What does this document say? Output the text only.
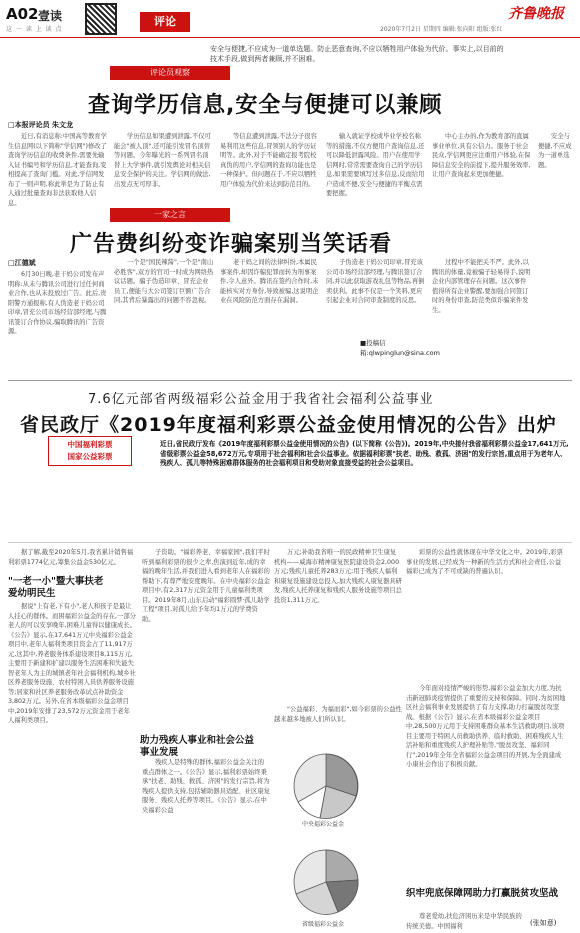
A02 壹读
这 一 读 上 读 点
评论	齐鲁晚报
2020年7月2日 星期四 编辑:张向阳 组版:张红
安全与便捷,不应成为一道单选题。防止恶意查询,不应以牺牲用户体验为代价。事实上,以目前的技术手段,做到两者兼顾,并不困难。
评论员观察
查询学历信息,安全与便捷可以兼顾
□本报评论员 朱文龙
近日,有消息称:中国高等教育学生信息网(以下简称"学信网")修改了查询学历信息的收费条件,需要先输入证书编号和学历信息,才能查询,变相提高了查询门槛。对此,学信网发布了一则声明,称此举是为了防止有人通过批量查询非法获取他人信息。
学历信息如果遭到泄露,不仅可能会"被人顶",还可能引发冒名顶替等问题。今年曝光的一系列冒名顶替上大学事件,就引发舆论对相关信息安全保护的关注。学信网的做法,出发点无可厚非。
等信息遭到泄露,不法分子很容易利用这些信息,冒领别人的学历证明等。此外,对于不能确定报考院校真伪的用户,学信网的查询功能也是一种保护。但问题在于,不应以牺牲用户体验为代价来达到防范目的。
输入就证学校或毕业学校名称等的措施,不仅方便用户查询信息,还可以降低泄露风险。用户在使用学信网时,常常需要查询自己的学历信息,如果需要填写过多信息,反而给用户造成不便,安全与便捷的平衡点需要把握。
中心主办的,作为教育部的直属事业单位,具有公信力。服务于社会民众,学信网更应注重用户体验,在保障信息安全的前提下,提升服务效率,让用户查询起来更加便捷。
安全与便捷,不应成为一道单选题。
一家之言
广告费纠纷变诈骗案别当笑话看
□江德斌
6月30日晚,老干妈公司发布声明称:从未与腾讯公司进行过任何商业合作,也从未投放过广告。此后,贵阳警方通报称,有人伪造老干妈公司印章,冒充公司市场经营部经理,与腾讯签订合作协议,骗取腾讯的广告资源。
一个是"国民辣酱",一个是"南山必胜客",双方的官司一时成为网络热议话题。骗子伪造印章、冒充企业员工,便能与大公司签订巨额广告合同,其背后暴露出的问题不容忽视。
老干妈之间的法律纠纷,本属民事案件,却因诈骗犯罪而转为刑事案件,令人意外。腾讯在签约合作时,未能核实对方身份,导致被骗,这说明企业在风险防范方面存在漏洞。
子伪造老干妈公司印章,冒充该公司市场经营部经理,与腾讯签订合同,并以此获取游戏礼包等物品,再倒卖获利。此事不仅是一个笑料,更应引起企业对合同审查制度的反思。
过程中不能把关不严。此外,以腾讯的体量,竟被骗子轻易得手,说明企业内部管理存在问题。这次事件值得所有企业警醒,要加强合同签订时的身份审查,防范类似诈骗案件发生。
■投稿信箱:qlwpinglun@sina.com
7.6亿元部省两级福彩公益金用于我省社会福利公益事业
省民政厅《2019年度福利彩票公益金使用情况的公告》出炉
中国福利彩票
国家公益彩票
近日,省民政厅发布《2019年度福利彩票公益金使用情况的公告》(以下简称《公告》)。2019年,中央接付我省福利彩票公益金17,641万元,省级彩票公益金58,672万元,专项用于社会福利和社会公益事业。依据福利彩票"扶老、助残、救孤、济困"的发行宗旨,重点用于为老年人、残疾人、孤儿等特殊困难群体服务的社会福利项目和受助对象直接受益的社会公益项目。
据了解,截至2020年5月,我省累计销售福利彩票1774亿元,筹集公益金530亿元。
"一老一小"暨大事扶老爱幼明民生
据说"上有老,下有小",老人和孩子是最让人挂心的群体。而困福彩公益金的存在,一部分老人的可以安享晚年,困难儿童得以健康成长。《公告》显示,在17,641万元中央福彩公益金项目中,老年人福利类项目资金占了11,917万元,这其中,养老服务体系建设项目8,115万元,主要用于新建和扩建以服务生活困难和失能失智老年人为主的城镇老年社会福利机构,城乡社区养老服务设施、农村特困人员供养服务设施等;居家和社区养老服务改革试点补助资金3,802万元。另外,在省本级福彩公益金项目中,2019年安排了23,572万元资金用于老年人福利类项目。
子资助。"福彩养老、幸福家园",我们平时听到福利彩票的很少之辈,焦演到近年,成的幸福的晚年生活,并我们进入看到老年人在福彩的帮助下,有尊严地安度晚年。在中央福彩公益金项目中,有2,317万元资金用于儿童福利类项目。2019年8月,山东启动"福彩圆梦·孤儿助学工程"项目,对孤儿给予年均1万元的学费资助。
助力残疾人事业和社会公益事业发展
残疾人是特殊的群体,福彩公益金关注的重点群体之一。《公告》显示,福利彩票始终秉承"扶老、助残、救孤、济困"的发行宗旨,将为残疾人提供支持,包括辅助器具适配、社区康复服务、残疾人托养等项目。《公告》显示,在中央福彩公益
万元;补助我省唯一的民政精神卫生康复机构——威海市精神康复医院建设资金2,000万元;残疾儿童托养283万元;用于残疾人福利和康复设施建设总投入,加大残疾人康复器具研发,残疾人托养康复和残疾人服务设施等项目总投资1,311万元。
"公益福彩、为福而彩",如今彩票的公益性越来越多地被人们所认识。
中央福彩公益金
省级福彩公益金
彩票的公益性就体现在中华文化之中。2019年,彩票事业的发展,已经成为一种新的生活方式和社会责任,公益福彩已成为了不可或缺的普遍认识。
今年面对疫情严峻的形势,福彩公益金加大力度,为抗击新冠肺炎疫情提供了重要的支持和保障。同时,为贫困地区社会福利事业发展提供了有力支撑,助力打赢脱贫攻坚战。根据《公告》显示,在省本级福彩公益金项目中,28,500万元用于支持困难群众基本生活救助项目,该项目主要用于特困人员救助供养、临时救助、困难残疾人生活补贴和重度残疾人护理补贴等,"脱贫攻坚、福彩同行",2019年全年全省福彩公益金项目的开展,为全面建成小康社会作出了积极贡献。
织牢兜底保障网助力打赢脱贫攻坚战
尊老爱幼,扶危济困历来是中华民族的传统美德。中国福利	(张如意)
